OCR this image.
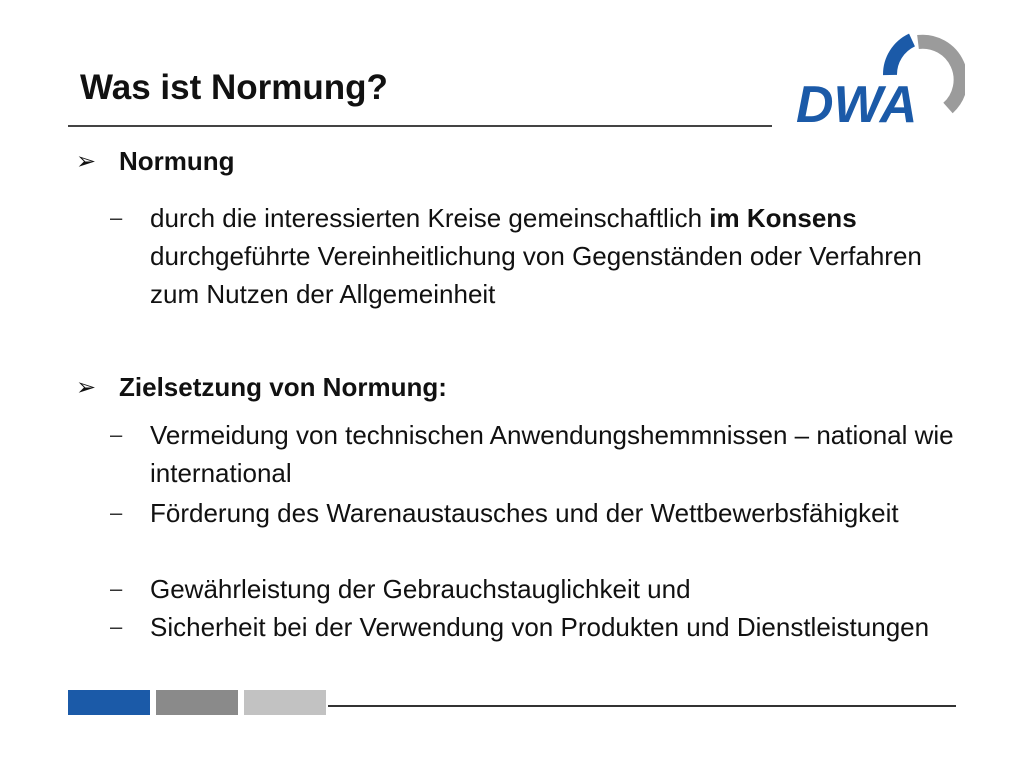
Was ist Normung?	DWA
➢ Normung
– durch die interessierten Kreise gemeinschaftlich im Konsens durchgeführte Vereinheitlichung von Gegenständen oder Verfahren zum Nutzen der Allgemeinheit
➢ Zielsetzung von Normung:
– Vermeidung von technischen Anwendungshemmnissen – national wie international
– Förderung des Warenaustausches und der Wettbewerbsfähigkeit
– Gewährleistung der Gebrauchstauglichkeit und
– Sicherheit bei der Verwendung von Produkten und Dienstleistungen
